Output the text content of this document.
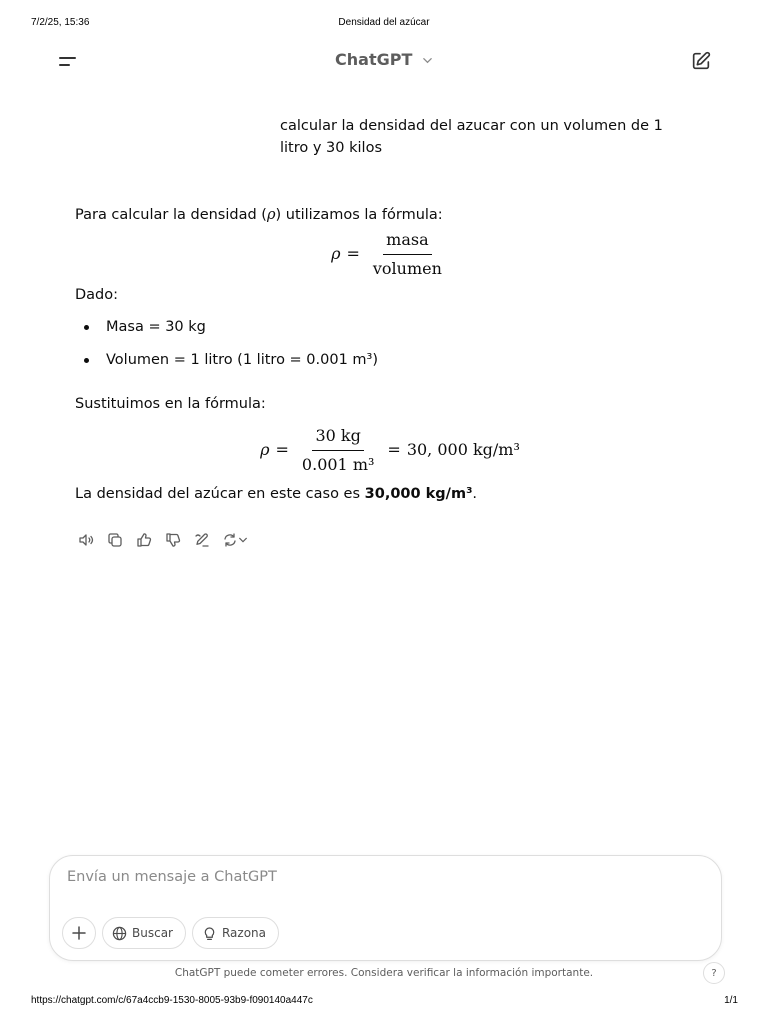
7/2/25, 15:36	Densidad del azúcar
ChatGPT
calcular la densidad del azucar con un volumen de 1 litro y 30 kilos

Para calcular la densidad (ρ) utilizamos la fórmula:

$\rho = \frac{\text{masa}}{\text{volumen}}$

Dado:

Masa = 30 kg
Volumen = 1 litro (1 litro = 0.001 m³)

Sustituimos en la fórmula:

$\rho = \frac{30 kg}{\text{0.001 m³}} = 30$, 000 kg/m³

La densidad del azúcar en este caso es 30,000 kg/m³.

Envía un mensaje a ChatGPT
Buscar	Razona
ChatGPT puede cometer errores. Considera verificar la información importante.	?
https://chatgpt.com/c/67a4ccb9-1530-8005-93b9-f090140a447c	1/1
